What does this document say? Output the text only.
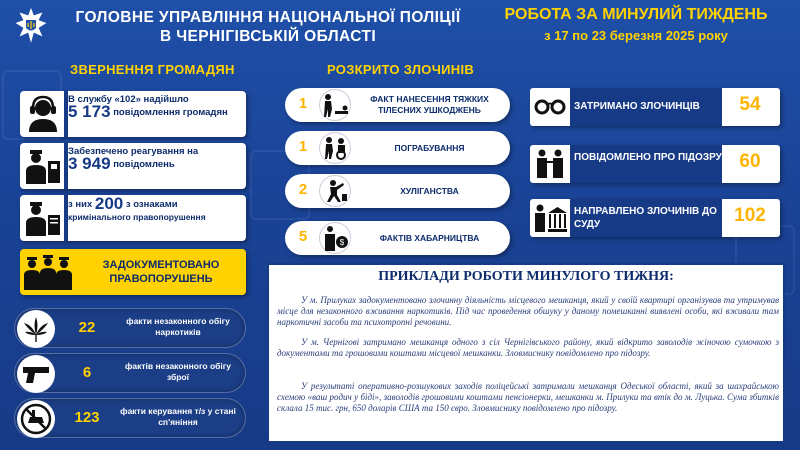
ГОЛОВНЕ УПРАВЛІННЯ НАЦІОНАЛЬНОЇ ПОЛІЦІЇ
В ЧЕРНІГІВСЬКІЙ ОБЛАСТІ
РОБОТА ЗА МИНУЛИЙ ТИЖДЕНЬ
з 17 по 23 березня 2025 року
ЗВЕРНЕННЯ ГРОМАДЯН	РОЗКРИТО ЗЛОЧИНІВ
В службу «102» надійшло
5 173 повідомлення громадян
Забезпечено реагування на
3 949 повідомлень
з них 200 з ознаками
кримінального правопорушення
ЗАДОКУМЕНТОВАНО ПРАВОПОРУШЕНЬ
22	факти незаконного обігу наркотиків
6	фактів незаконного обігу зброї
123	факти керування т/з у стані сп'яніння
1	ФАКТ НАНЕСЕННЯ ТЯЖКИХ ТІЛЕСНИХ УШКОДЖЕНЬ
1	ПОГРАБУВАННЯ
2	ХУЛІГАНСТВА
5	$	ФАКТІВ ХАБАРНИЦТВА
ЗАТРИМАНО ЗЛОЧИНЦІВ	54
ПОВІДОМЛЕНО ПРО ПІДОЗРУ 60
НАПРАВЛЕНО ЗЛОЧИНІВ ДО СУДУ	102
ПРИКЛАДИ РОБОТИ МИНУЛОГО ТИЖНЯ:
У м. Прилуках задокументовано злочинну діяльність місцевого мешканця, який у своїй квартирі організував та утримував місце для незаконного вживання наркотиків. Під час проведення обшуку у даному помешканні виявлені особи, які вживали там наркотичні засоби та психотропні речовини.
У м. Чернігові затримано мешканця одного з сіл Чернігівського району, який відкрито заволодів жіночою сумочкою з документами та грошовими коштами місцевої мешканки. Зловмиснику повідомлено про підозру.
У результаті оперативно-розшукових заходів поліцейські затримали мешканця Одеської області, який за шахрайською схемою «ваш родич у біді», заволодів грошовими коштами пенсіонерки, мешканки м. Прилуки та втік до м. Луцька. Сума збитків склала 15 тис. грн, 650 доларів США та 150 євро. Зловмиснику повідомлено про підозру.
